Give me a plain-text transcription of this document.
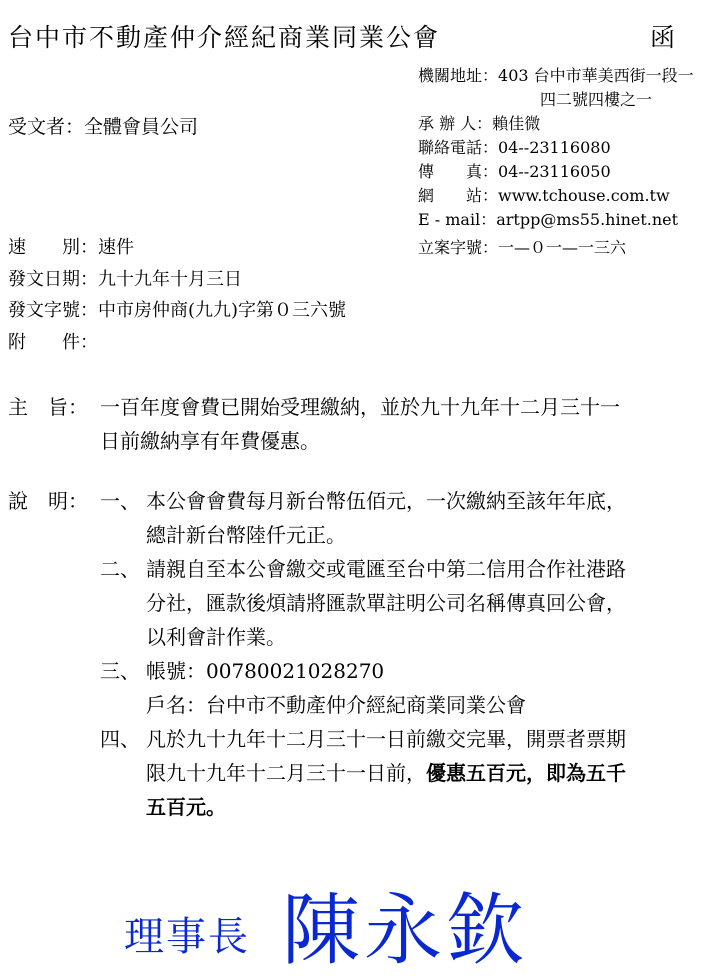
台中市不動產仲介經紀商業同業公會	函
機關地址：403 台中市華美西街一段一
四二號四樓之一
承 辦 人：賴佳微
聯絡電話：04--23116080
傳　　真：04--23116050
網　　站：www.tchouse.com.tw
E - mail：artpp@ms55.hinet.net
立案字號：一—０一—一三六
受文者：全體會員公司
速　　別：速件
發文日期：九十九年十月三日
發文字號：中市房仲商(九九)字第０三六號
附　　件：
主　旨： 一百年度會費已開始受理繳納，並於九十九年十二月三十一
日前繳納享有年費優惠。
說　明： 一、 本公會會費每月新台幣伍佰元，一次繳納至該年年底，
總計新台幣陸仟元正。
二、 請親自至本公會繳交或電匯至台中第二信用合作社港路
分社，匯款後煩請將匯款單註明公司名稱傳真回公會，
以利會計作業。
三、 帳號：00780021028270
戶名：台中市不動產仲介經紀商業同業公會
四、 凡於九十九年十二月三十一日前繳交完畢，開票者票期
限九十九年十二月三十一日前，優惠五百元，即為五千
五百元。
理事長 陳永欽
